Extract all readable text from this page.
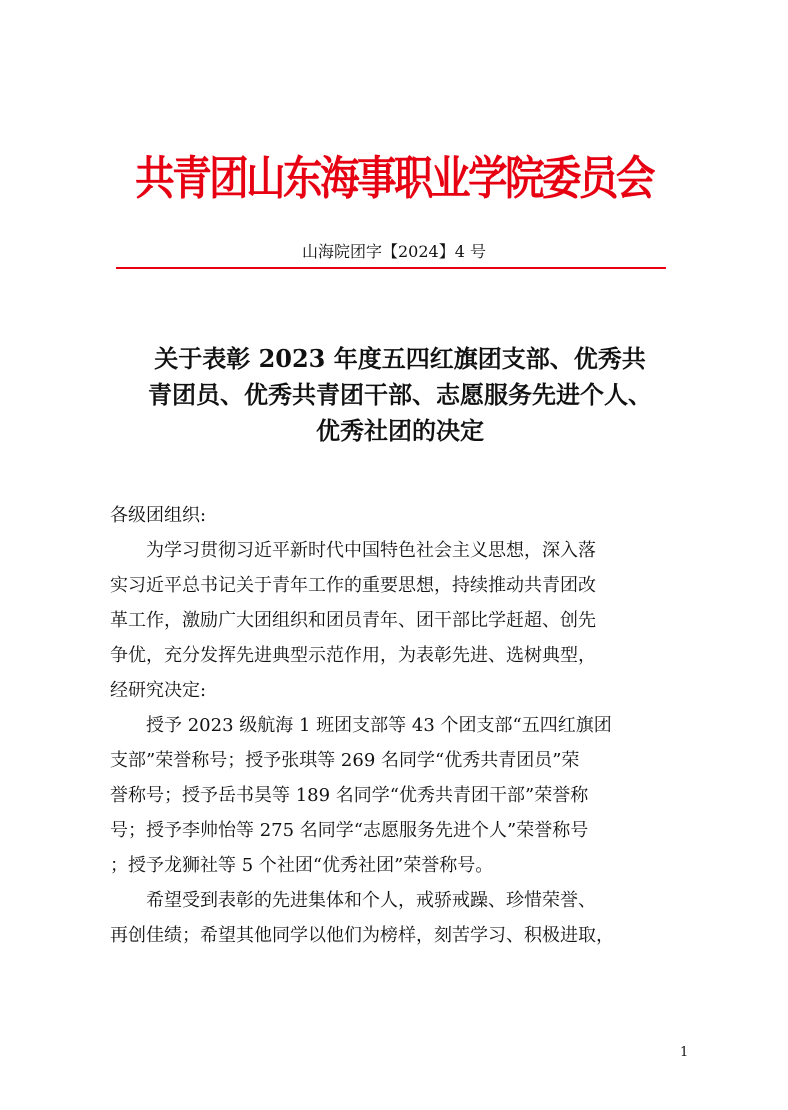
共青团山东海事职业学院委员会
山海院团字【2024】4 号
关于表彰 2023 年度五四红旗团支部、优秀共
青团员、优秀共青团干部、志愿服务先进个人、
优秀社团的决定
各级团组织:
为学习贯彻习近平新时代中国特色社会主义思想，深入落
实习近平总书记关于青年工作的重要思想，持续推动共青团改
革工作，激励广大团组织和团员青年、团干部比学赶超、创先
争优，充分发挥先进典型示范作用，为表彰先进、选树典型，
经研究决定:
授予 2023 级航海 1 班团支部等 43 个团支部“五四红旗团
支部”荣誉称号；授予张琪等 269 名同学“优秀共青团员”荣
誉称号；授予岳书昊等 189 名同学“优秀共青团干部”荣誉称
号；授予李帅怡等 275 名同学“志愿服务先进个人”荣誉称号
；授予龙狮社等 5 个社团“优秀社团”荣誉称号。
希望受到表彰的先进集体和个人，戒骄戒躁、珍惜荣誉、
再创佳绩；希望其他同学以他们为榜样，刻苦学习、积极进取，
1
